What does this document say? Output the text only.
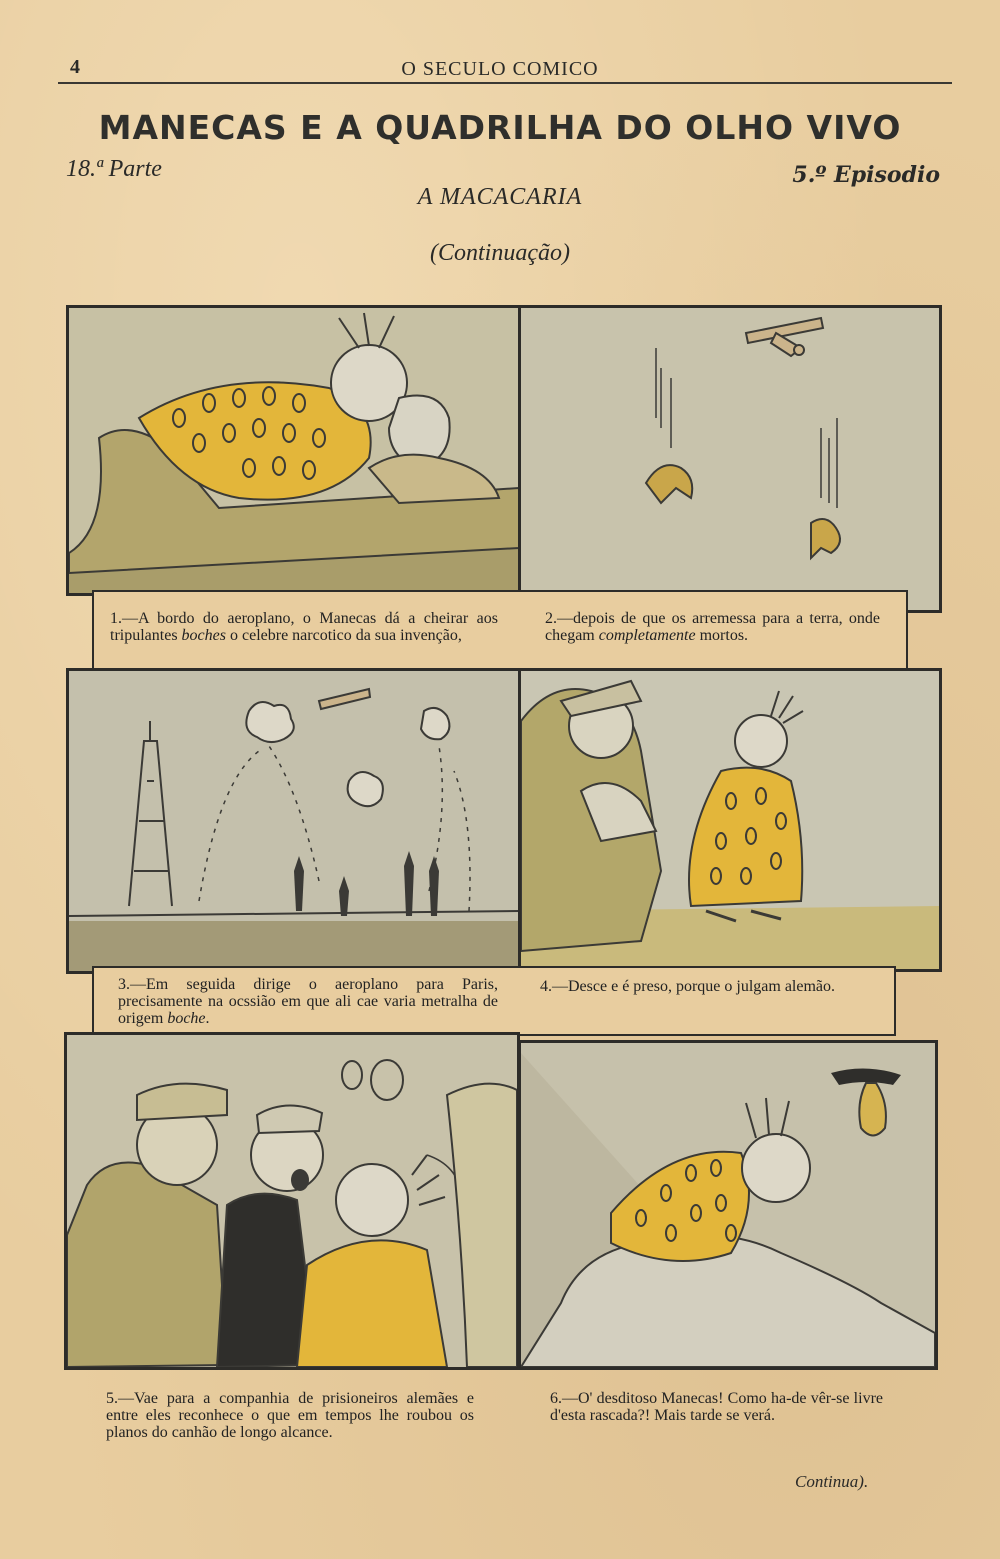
4	O SECULO COMICO
MANECAS E A QUADRILHA DO OLHO VIVO
18.ª Parte	5.º Episodio
A MACACARIA
(Continuação)
1.—A bordo do aeroplano, o Manecas dá a cheirar aos tripulantes boches o celebre narcotico da sua invenção,
2.—depois de que os arremessa para a terra, onde chegam completamente mortos.
3.—Em seguida dirige o aeroplano para Paris, precisamente na ocssião em que ali cae varia metralha de origem boche.
4.—Desce e é preso, porque o julgam alemão.
5.—Vae para a companhia de prisioneiros alemães e entre eles reconhece o que em tempos lhe roubou os planos do canhão de longo alcance.
6.—O' desditoso Manecas! Como ha-de vêr-se livre d'esta rascada?! Mais tarde se verá.
Continua).
